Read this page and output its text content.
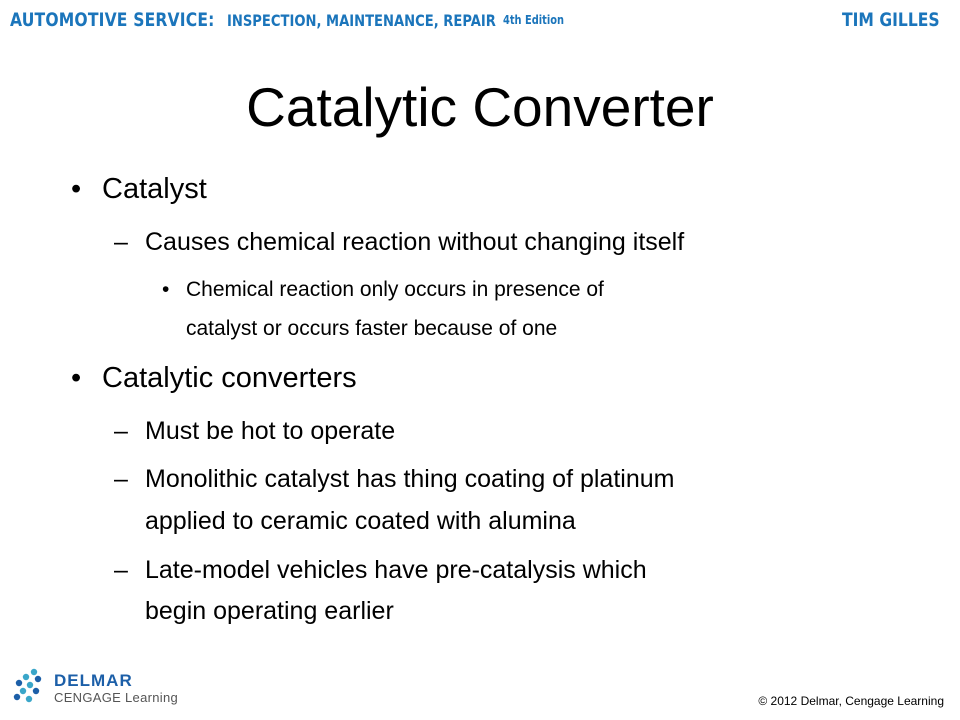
AUTOMOTIVE SERVICE: INSPECTION, MAINTENANCE, REPAIR 4th Edition	TIM GILLES
Catalytic Converter
• Catalyst
– Causes chemical reaction without changing itself
• Chemical reaction only occurs in presence of
catalyst or occurs faster because of one
• Catalytic converters
– Must be hot to operate
– Monolithic catalyst has thing coating of platinum
applied to ceramic coated with alumina
– Late-model vehicles have pre-catalysis which
begin operating earlier
DELMAR
CENGAGE Learning	© 2012 Delmar, Cengage Learning
